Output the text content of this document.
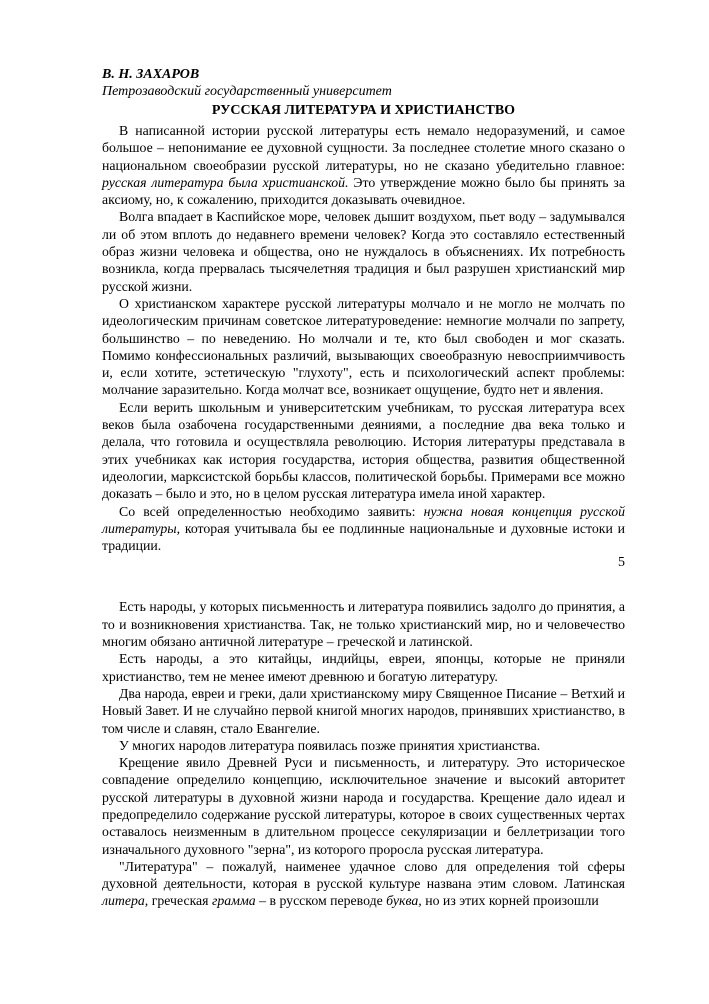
В. Н. ЗАХАРОВ

Петрозаводский государственный университет

РУССКАЯ ЛИТЕРАТУРА И ХРИСТИАНСТВО

В написанной истории русской литературы есть немало недоразумений, и самое большое – непонимание ее духовной сущности. За последнее столетие много сказано о национальном своеобразии русской литературы, но не сказано убедительно главное: русская литература была христианской. Это утверждение можно было бы принять за аксиому, но, к сожалению, приходится доказывать очевидное.

Волга впадает в Каспийское море, человек дышит воздухом, пьет воду – задумывался ли об этом вплоть до недавнего времени человек? Когда это составляло естественный образ жизни человека и общества, оно не нуждалось в объяснениях. Их потребность возникла, когда прервалась тысячелетняя традиция и был разрушен христианский мир русской жизни.

О христианском характере русской литературы молчало и не могло не молчать по идеологическим причинам советское литературоведение: немногие молчали по запрету, большинство – по неведению. Но молчали и те, кто был свободен и мог сказать. Помимо конфессиональных различий, вызывающих своеобразную невосприимчивость и, если хотите, эстетическую "глухоту", есть и психологический аспект проблемы: молчание заразительно. Когда молчат все, возникает ощущение, будто нет и явления.

Если верить школьным и университетским учебникам, то русская литература всех веков была озабочена государственными деяниями, а последние два века только и делала, что готовила и осуществляла революцию. История литературы представала в этих учебниках как история государства, история общества, развития общественной идеологии, марксистской борьбы классов, политической борьбы. Примерами все можно доказать – было и это, но в целом русская литература имела иной характер.

Со всей определенностью необходимо заявить: нужна новая концепция русской литературы, которая учитывала бы ее подлинные национальные и духовные истоки и традиции.

5

Есть народы, у которых письменность и литература появились задолго до принятия, а то и возникновения христианства. Так, не только христианский мир, но и человечество многим обязано античной литературе – греческой и латинской.

Есть народы, а это китайцы, индийцы, евреи, японцы, которые не приняли христианство, тем не менее имеют древнюю и богатую литературу.

Два народа, евреи и греки, дали христианскому миру Священное Писание – Ветхий и Новый Завет. И не случайно первой книгой многих народов, принявших христианство, в том числе и славян, стало Евангелие.

У многих народов литература появилась позже принятия христианства.

Крещение явило Древней Руси и письменность, и литературу. Это историческое совпадение определило концепцию, исключительное значение и высокий авторитет русской литературы в духовной жизни народа и государства. Крещение дало идеал и предопределило содержание русской литературы, которое в своих существенных чертах оставалось неизменным в длительном процессе секуляризации и беллетризации того изначального духовного "зерна", из которого проросла русская литература.

"Литература" – пожалуй, наименее удачное слово для определения той сферы духовной деятельности, которая в русской культуре названа этим словом. Латинская литера, греческая грамма – в русском переводе буква, но из этих корней произошли
